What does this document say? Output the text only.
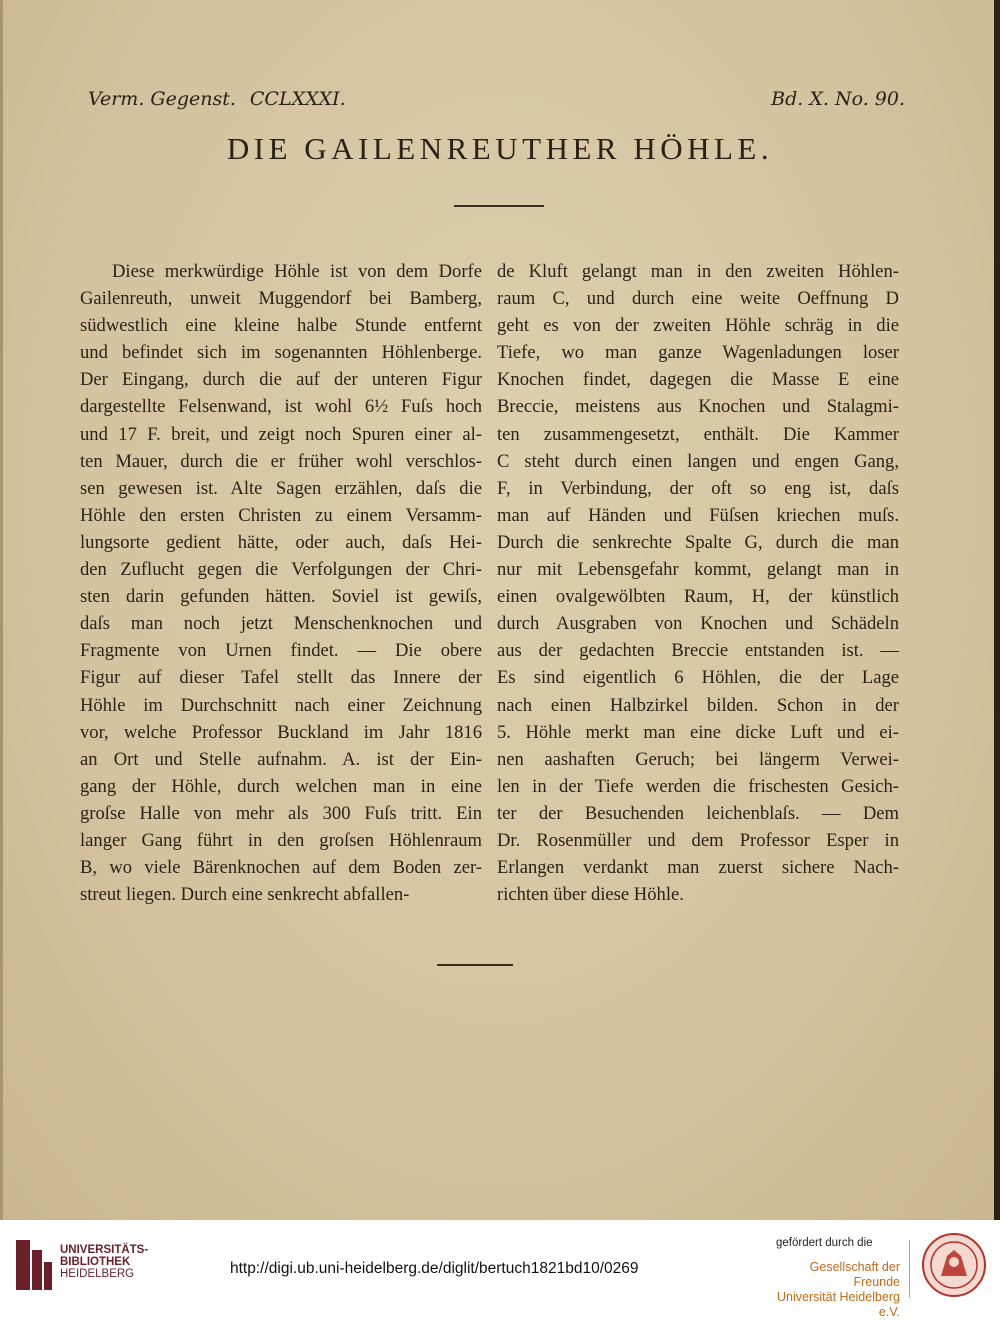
Verm. Gegenst. CCLXXXI.	Bd. X. No. 90.
DIE GAILENREUTHER HÖHLE.
Diese merkwürdige Höhle ist von dem Dorfe
Gailenreuth, unweit Muggendorf bei Bamberg,
südwestlich eine kleine halbe Stunde entfernt
und befindet sich im sogenannten Höhlenberge.
Der Eingang, durch die auf der unteren Figur
dargestellte Felsenwand, ist wohl 6½ Fuſs hoch
und 17 F. breit, und zeigt noch Spuren einer al-
ten Mauer, durch die er früher wohl verschlos-
sen gewesen ist. Alte Sagen erzählen, daſs die
Höhle den ersten Christen zu einem Versamm-
lungsorte gedient hätte, oder auch, daſs Hei-
den Zuflucht gegen die Verfolgungen der Chri-
sten darin gefunden hätten. Soviel ist gewiſs,
daſs man noch jetzt Menschenknochen und
Fragmente von Urnen findet. — Die obere
Figur auf dieser Tafel stellt das Innere der
Höhle im Durchschnitt nach einer Zeichnung
vor, welche Professor Buckland im Jahr 1816
an Ort und Stelle aufnahm. A. ist der Ein-
gang der Höhle, durch welchen man in eine
groſse Halle von mehr als 300 Fuſs tritt. Ein
langer Gang führt in den groſsen Höhlenraum
B, wo viele Bärenknochen auf dem Boden zer-
streut liegen. Durch eine senkrecht abfallen-
de Kluft gelangt man in den zweiten Höhlen-
raum C, und durch eine weite Oeffnung D
geht es von der zweiten Höhle schräg in die
Tiefe, wo man ganze Wagenladungen loser
Knochen findet, dagegen die Masse E eine
Breccie, meistens aus Knochen und Stalagmi-
ten zusammengesetzt, enthält. Die Kammer
C steht durch einen langen und engen Gang,
F, in Verbindung, der oft so eng ist, daſs
man auf Händen und Füſsen kriechen muſs.
Durch die senkrechte Spalte G, durch die man
nur mit Lebensgefahr kommt, gelangt man in
einen ovalgewölbten Raum, H, der künstlich
durch Ausgraben von Knochen und Schädeln
aus der gedachten Breccie entstanden ist. —
Es sind eigentlich 6 Höhlen, die der Lage
nach einen Halbzirkel bilden. Schon in der
5. Höhle merkt man eine dicke Luft und ei-
nen aashaften Geruch; bei längerm Verwei-
len in der Tiefe werden die frischesten Gesich-
ter der Besuchenden leichenblaſs. — Dem
Dr. Rosenmüller und dem Professor Esper in
Erlangen verdankt man zuerst sichere Nach-
richten über diese Höhle.
UNIVERSITÄTS-
BIBLIOTHEK
HEIDELBERG	http://digi.ub.uni-heidelberg.de/diglit/bertuch1821bd10/0269
gefördert durch die
Gesellschaft der Freunde
Universität Heidelberg e.V.
